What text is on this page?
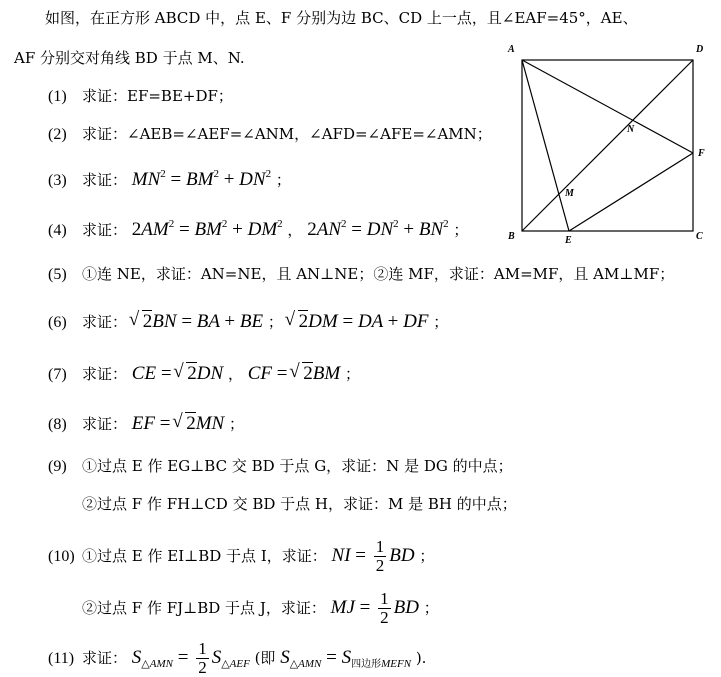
如图，在正方形 ABCD 中，点 E、F 分别为边 BC、CD 上一点，且∠EAF=45°，AE、
AF 分别交对角线 BD 于点 M、N.	A	D
B	C
E
F
M
N
(1) 求证：EF=BE+DF；
(2) 求证：∠AEB=∠AEF=∠ANM，∠AFD=∠AFE=∠AMN；
(3) 求证： $MN^2 = BM^2 + DN^2$ ；
(4) 求证： $2AM^2 = BM^2 + DM^2$ ， $2AN^2 = DN^2 + BN^2$ ；
(5) ①连 NE，求证：AN=NE，且 AN⊥NE；②连 MF，求证：AM=MF，且 AM⊥MF；
(6) 求证： √ 2BN = BA + BE ； √ 2DM = DA + DF ；
(7) 求证： CE = √ 2DN ， CF = √ 2BM ；
(8) 求证： EF = √ 2MN ；
(9) ①过点 E 作 EG⊥BC 交 BD 于点 G，求证：N 是 DG 的中点；
②过点 F 作 FH⊥CD 交 BD 于点 H，求证：M 是 BH 的中点；
(10) ①过点 E 作 EI⊥BD 于点 I，求证： NI = $\frac{1}{2}$ BD ；
②过点 F 作 FJ⊥BD 于点 J，求证： MJ = $\frac{1}{2}$ BD ；
(11) 求证： $S_{\triangle AMN} = \frac{1}{2} S_{\triangle AEF}$ (即 $S_{\triangle AMN} = S_{四边形MEFN}$ ).
